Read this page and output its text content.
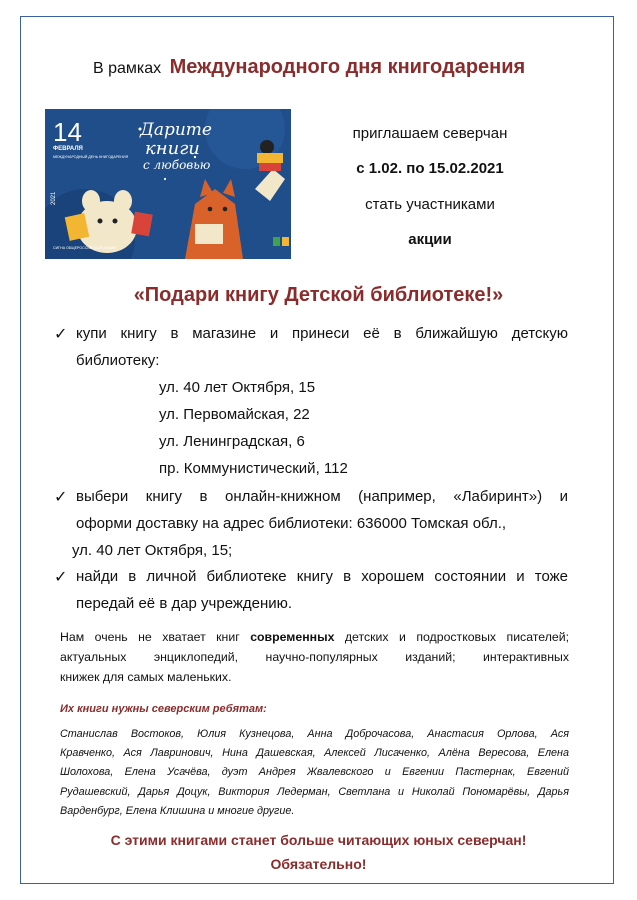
В рамках Международного дня книгодарения
14
ФЕВРАЛЯ
МЕЖДУНАРОДНЫЙ ДЕНЬ КНИГОДАРЕНИЯ
2021
Дарите
книги
с любовью
СИГНА ОБЩЕРОССИЙСКОЙ АКЦИИ
приглашаем северчан
с 1.02. по 15.02.2021
стать участниками
акции
«Подари книгу Детской библиотеке!»
✓ купи книгу в магазине и принеси её в ближайшую детскую
библиотеку:
ул. 40 лет Октября, 15
ул. Первомайская, 22
ул. Ленинградская, 6
пр. Коммунистический, 112
✓ выбери книгу в онлайн-книжном (например, «Лабиринт») и
оформи доставку на адрес библиотеки: 636000 Томская обл.,
ул. 40 лет Октября, 15;
✓ найди в личной библиотеке книгу в хорошем состоянии и тоже
передай её в дар учреждению.
Нам очень не хватает книг современных детских и подростковых писателей;
актуальных энциклопедий, научно-популярных изданий; интерактивных
книжек для самых маленьких.
Их книги нужны северским ребятам:
Станислав Востоков, Юлия Кузнецова, Анна Доброчасова, Анастасия Орлова, Ася
Кравченко, Ася Лавринович, Нина Дашевская, Алексей Лисаченко, Алёна Вересова, Елена
Шолохова, Елена Усачёва, дуэт Андрея Жвалевского и Евгении Пастернак, Евгений
Рудашевский, Дарья Доцук, Виктория Ледерман, Светлана и Николай Пономарёвы, Дарья
Варденбург, Елена Клишина и многие другие.
С этими книгами станет больше читающих юных северчан!
Обязательно!
